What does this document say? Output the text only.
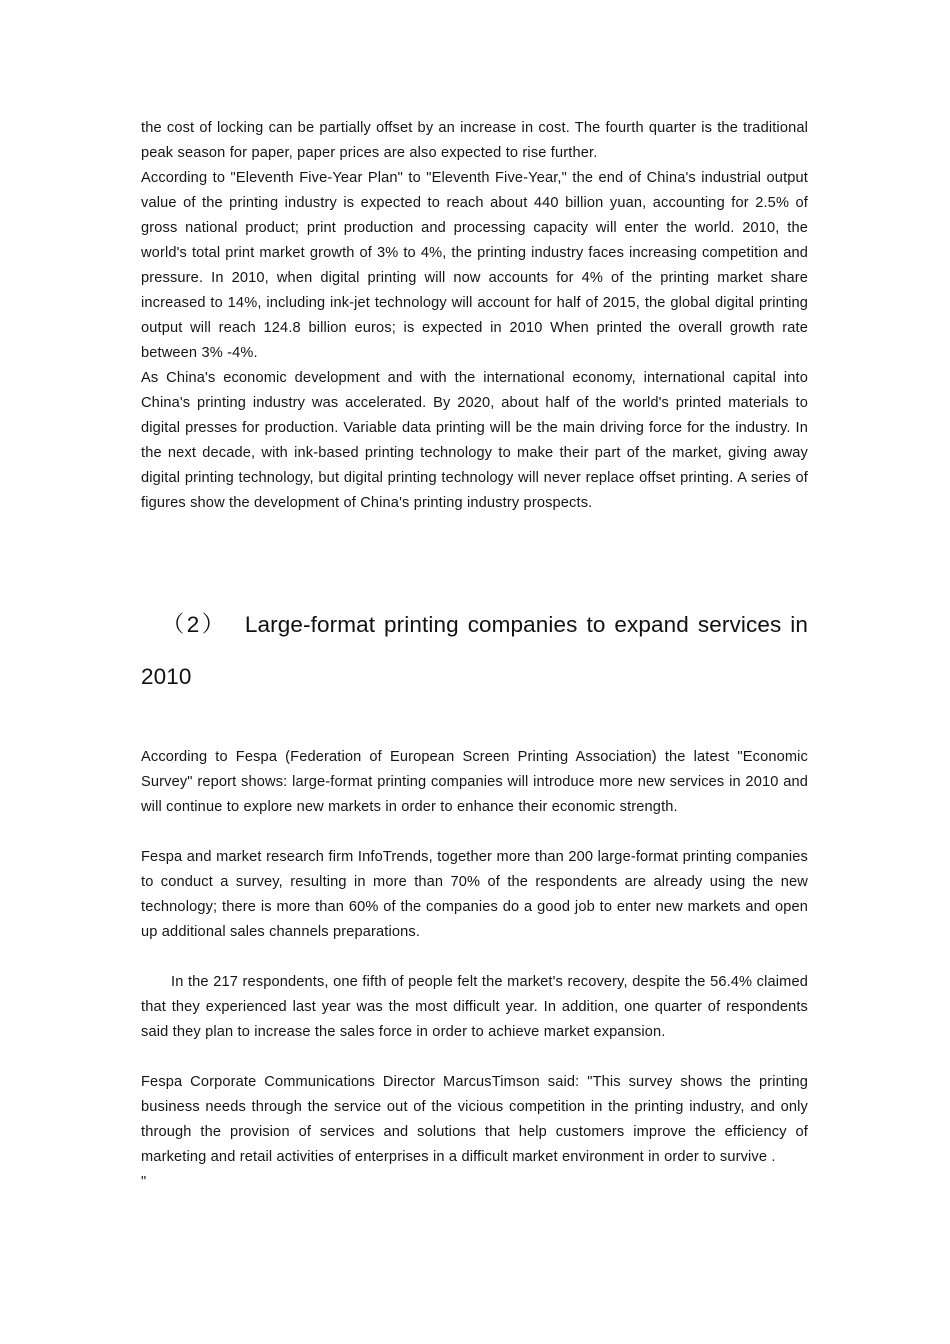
the cost of locking can be partially offset by an increase in cost. The fourth quarter is the traditional peak season for paper, paper prices are also expected to rise further.

According to "Eleventh Five-Year Plan" to "Eleventh Five-Year," the end of China's industrial output value of the printing industry is expected to reach about 440 billion yuan, accounting for 2.5% of gross national product; print production and processing capacity will enter the world. 2010, the world's total print market growth of 3% to 4%, the printing industry faces increasing competition and pressure. In 2010, when digital printing will now accounts for 4% of the printing market share increased to 14%, including ink-jet technology will account for half of 2015, the global digital printing output will reach 124.8 billion euros; is expected in 2010 When printed the overall growth rate between 3% -4%.

As China's economic development and with the international economy, international capital into China's printing industry was accelerated. By 2020, about half of the world's printed materials to digital presses for production. Variable data printing will be the main driving force for the industry. In the next decade, with ink-based printing technology to make their part of the market, giving away digital printing technology, but digital printing technology will never replace offset printing. A series of figures show the development of China's printing industry prospects.

（2） Large-format printing companies to expand services in
2010

According to Fespa (Federation of European Screen Printing Association) the latest "Economic Survey" report shows: large-format printing companies will introduce more new services in 2010 and will continue to explore new markets in order to enhance their economic strength.

Fespa and market research firm InfoTrends, together more than 200 large-format printing companies to conduct a survey, resulting in more than 70% of the respondents are already using the new technology; there is more than 60% of the companies do a good job to enter new markets and open up additional sales channels preparations.

In the 217 respondents, one fifth of people felt the market's recovery, despite the 56.4% claimed that they experienced last year was the most difficult year. In addition, one quarter of respondents said they plan to increase the sales force in order to achieve market expansion.

Fespa Corporate Communications Director MarcusTimson said: "This survey shows the printing business needs through the service out of the vicious competition in the printing industry, and only through the provision of services and solutions that help customers improve the efficiency of marketing and retail activities of enterprises in a difficult market environment in order to survive .

"
